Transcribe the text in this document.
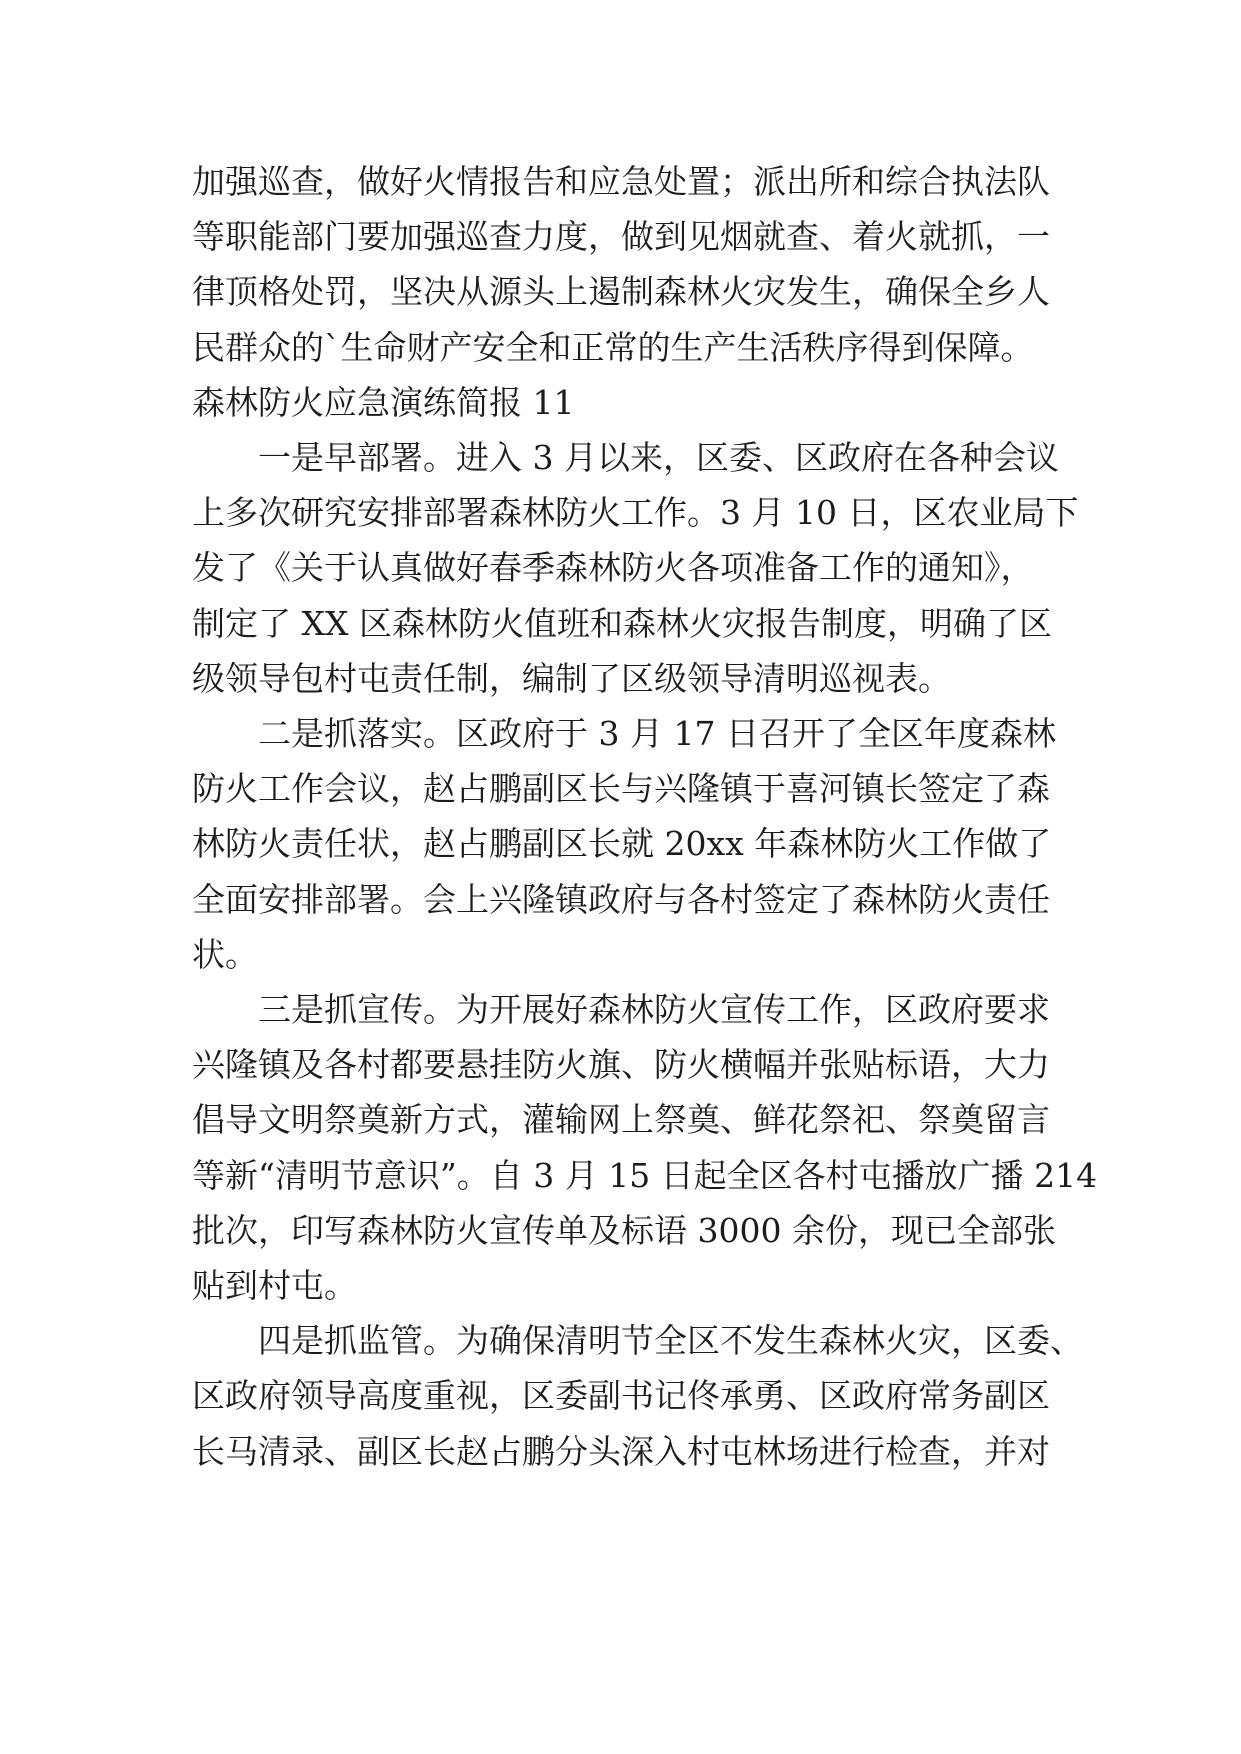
加强巡查，做好火情报告和应急处置；派出所和综合执法队
等职能部门要加强巡查力度，做到见烟就查、着火就抓，一
律顶格处罚，坚决从源头上遏制森林火灾发生，确保全乡人
民群众的`生命财产安全和正常的生产生活秩序得到保障。

森林防火应急演练简报 11

一是早部署。进入 3 月以来，区委、区政府在各种会议
上多次研究安排部署森林防火工作。3 月 10 日，区农业局下
发了《关于认真做好春季森林防火各项准备工作的通知》，
制定了 XX 区森林防火值班和森林火灾报告制度，明确了区
级领导包村屯责任制，编制了区级领导清明巡视表。

二是抓落实。区政府于 3 月 17 日召开了全区年度森林
防火工作会议，赵占鹏副区长与兴隆镇于喜河镇长签定了森
林防火责任状，赵占鹏副区长就 20xx 年森林防火工作做了
全面安排部署。会上兴隆镇政府与各村签定了森林防火责任
状。

三是抓宣传。为开展好森林防火宣传工作，区政府要求
兴隆镇及各村都要悬挂防火旗、防火横幅并张贴标语，大力
倡导文明祭奠新方式，灌输网上祭奠、鲜花祭祀、祭奠留言
等新“清明节意识”。自 3 月 15 日起全区各村屯播放广播 214
批次，印写森林防火宣传单及标语 3000 余份，现已全部张
贴到村屯。

四是抓监管。为确保清明节全区不发生森林火灾，区委、
区政府领导高度重视，区委副书记佟承勇、区政府常务副区
长马清录、副区长赵占鹏分头深入村屯林场进行检查，并对
